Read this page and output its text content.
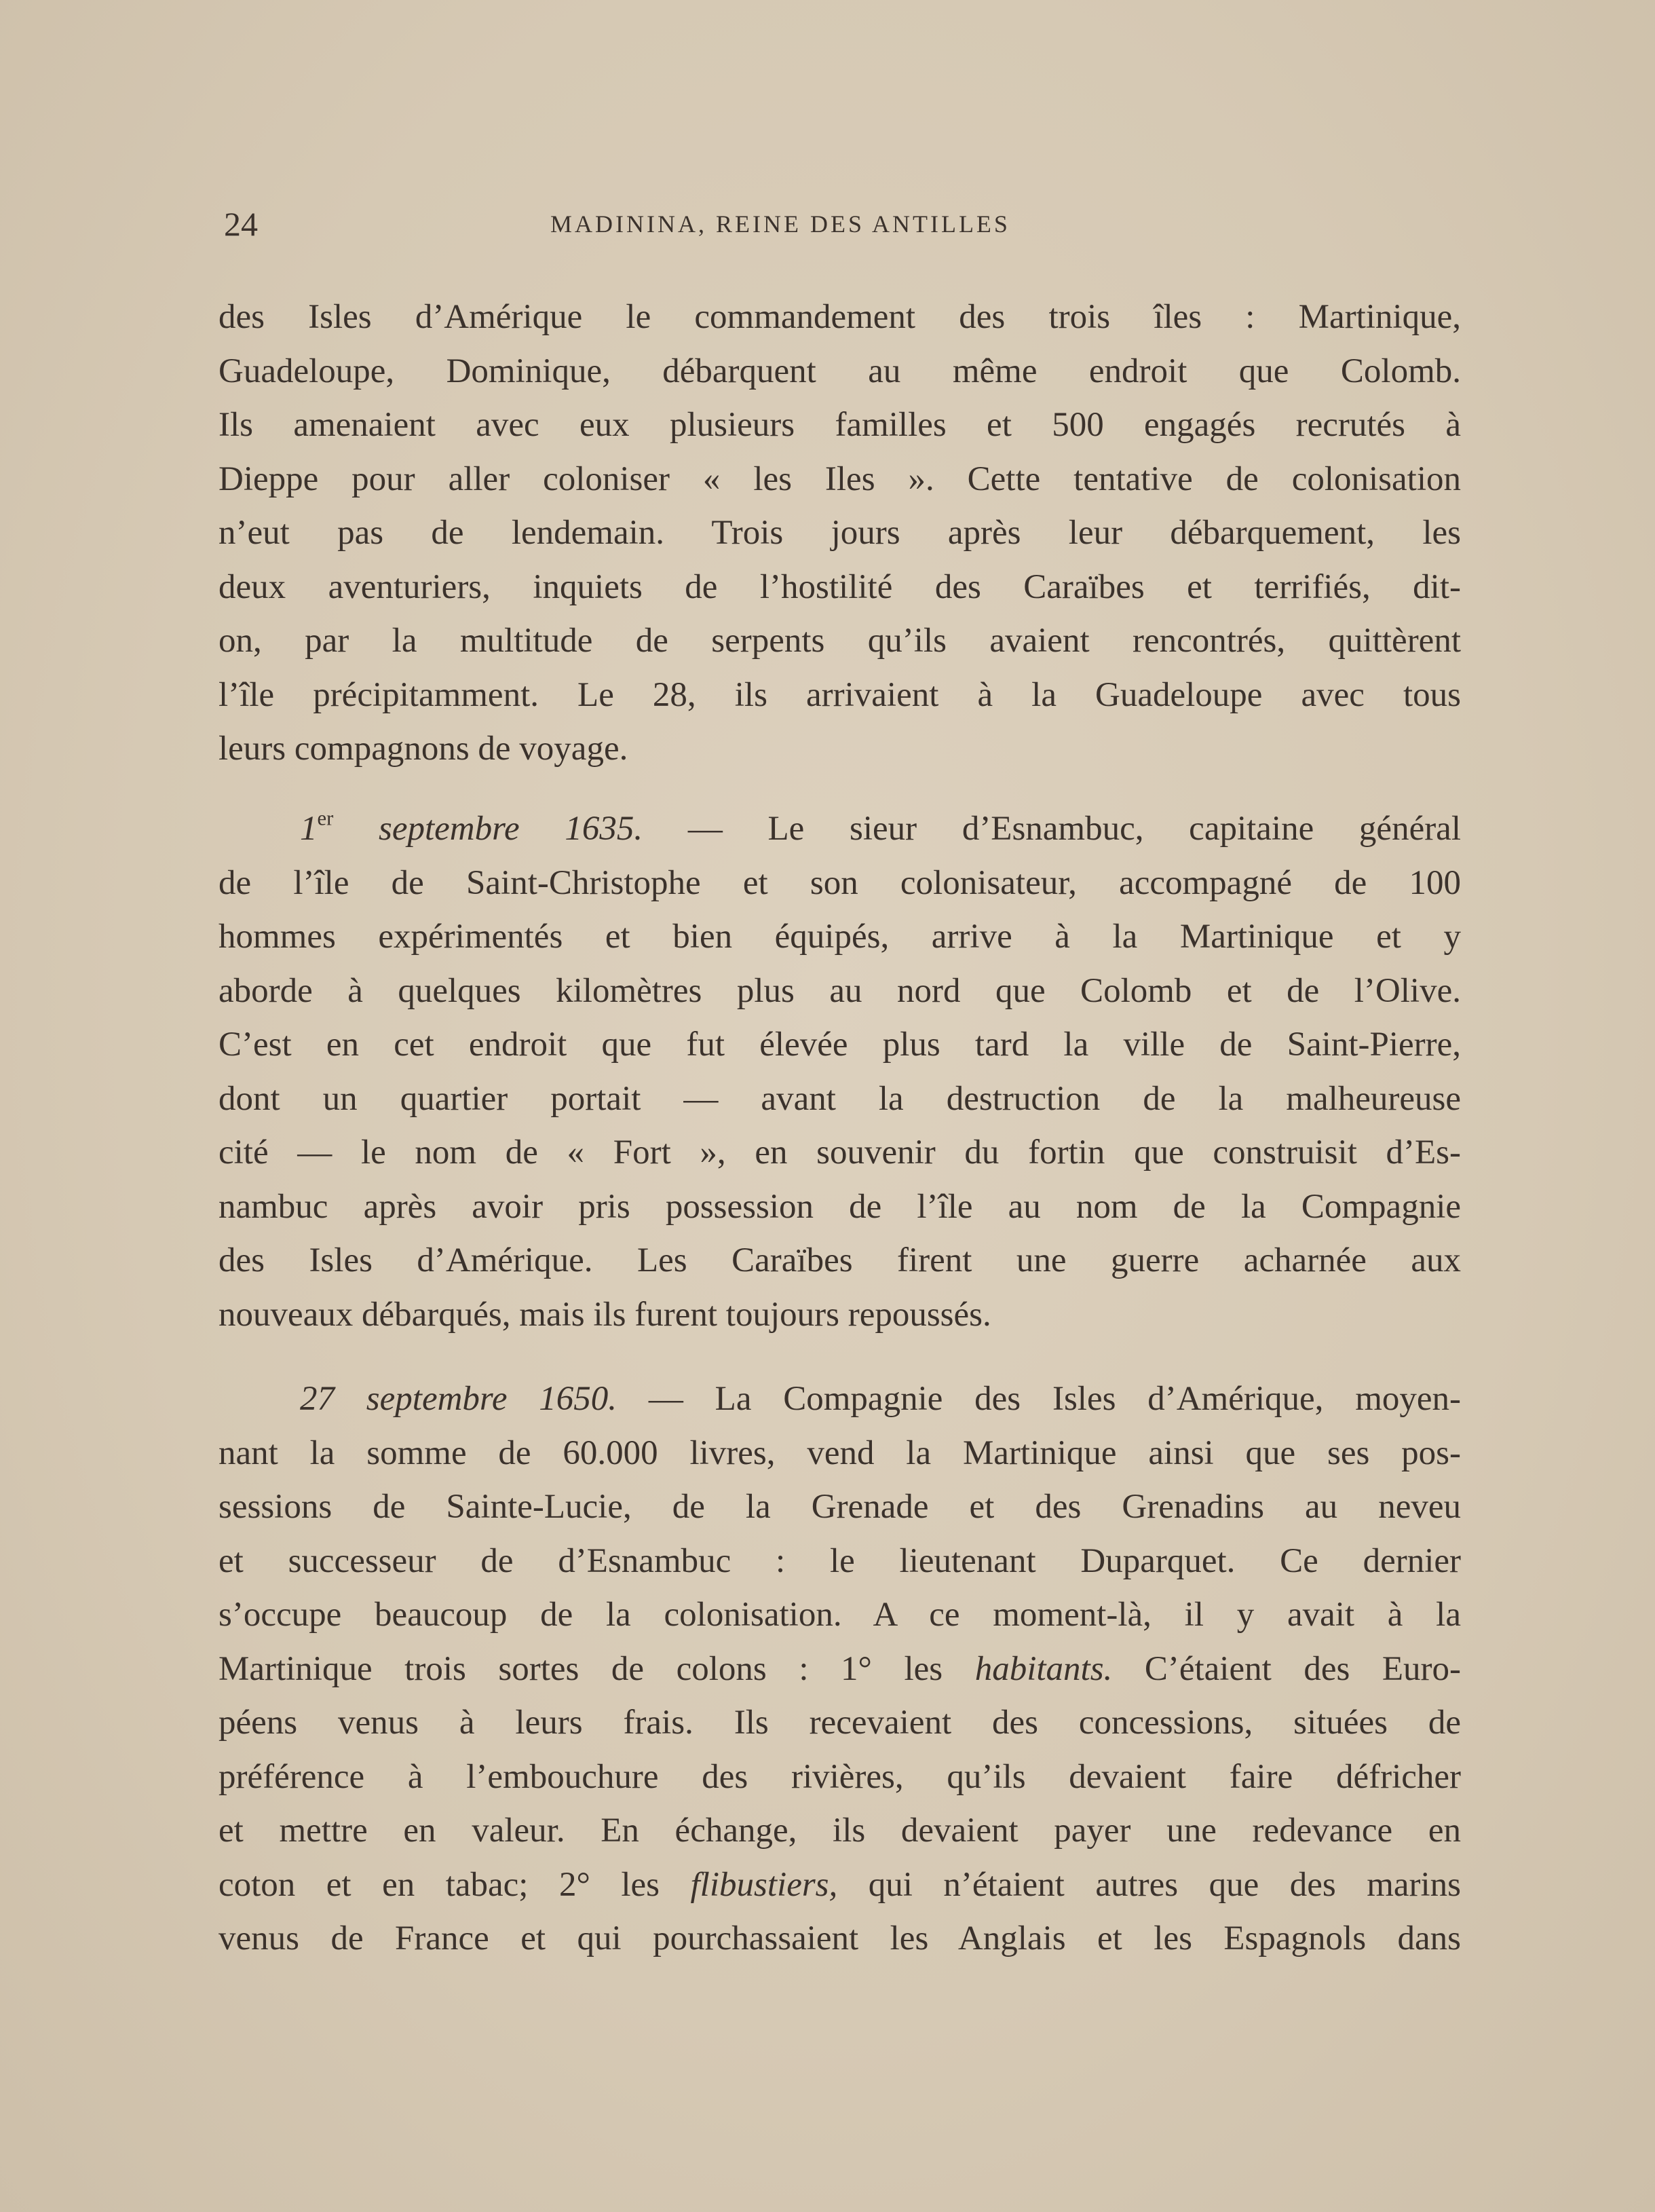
24	MADININA, REINE DES ANTILLES
des Isles d’Amérique le commandement des trois îles : Martinique,
Guadeloupe, Dominique, débarquent au même endroit que Colomb.
Ils amenaient avec eux plusieurs familles et 500 engagés recrutés à
Dieppe pour aller coloniser « les Iles ». Cette tentative de colonisation
n’eut pas de lendemain. Trois jours après leur débarquement, les
deux aventuriers, inquiets de l’hostilité des Caraïbes et terrifiés, dit-
on, par la multitude de serpents qu’ils avaient rencontrés, quittèrent
l’île précipitamment. Le 28, ils arrivaient à la Guadeloupe avec tous
leurs compagnons de voyage.
1er septembre 1635. — Le sieur d’Esnambuc, capitaine général
de l’île de Saint-Christophe et son colonisateur, accompagné de 100
hommes expérimentés et bien équipés, arrive à la Martinique et y
aborde à quelques kilomètres plus au nord que Colomb et de l’Olive.
C’est en cet endroit que fut élevée plus tard la ville de Saint-Pierre,
dont un quartier portait — avant la destruction de la malheureuse
cité — le nom de « Fort », en souvenir du fortin que construisit d’Es-
nambuc après avoir pris possession de l’île au nom de la Compagnie
des Isles d’Amérique. Les Caraïbes firent une guerre acharnée aux
nouveaux débarqués, mais ils furent toujours repoussés.
27 septembre 1650. — La Compagnie des Isles d’Amérique, moyen-
nant la somme de 60.000 livres, vend la Martinique ainsi que ses pos-
sessions de Sainte-Lucie, de la Grenade et des Grenadins au neveu
et successeur de d’Esnambuc : le lieutenant Duparquet. Ce dernier
s’occupe beaucoup de la colonisation. A ce moment-là, il y avait à la
Martinique trois sortes de colons : 1° les habitants. C’étaient des Euro-
péens venus à leurs frais. Ils recevaient des concessions, situées de
préférence à l’embouchure des rivières, qu’ils devaient faire défricher
et mettre en valeur. En échange, ils devaient payer une redevance en
coton et en tabac; 2° les flibustiers, qui n’étaient autres que des marins
venus de France et qui pourchassaient les Anglais et les Espagnols dans
